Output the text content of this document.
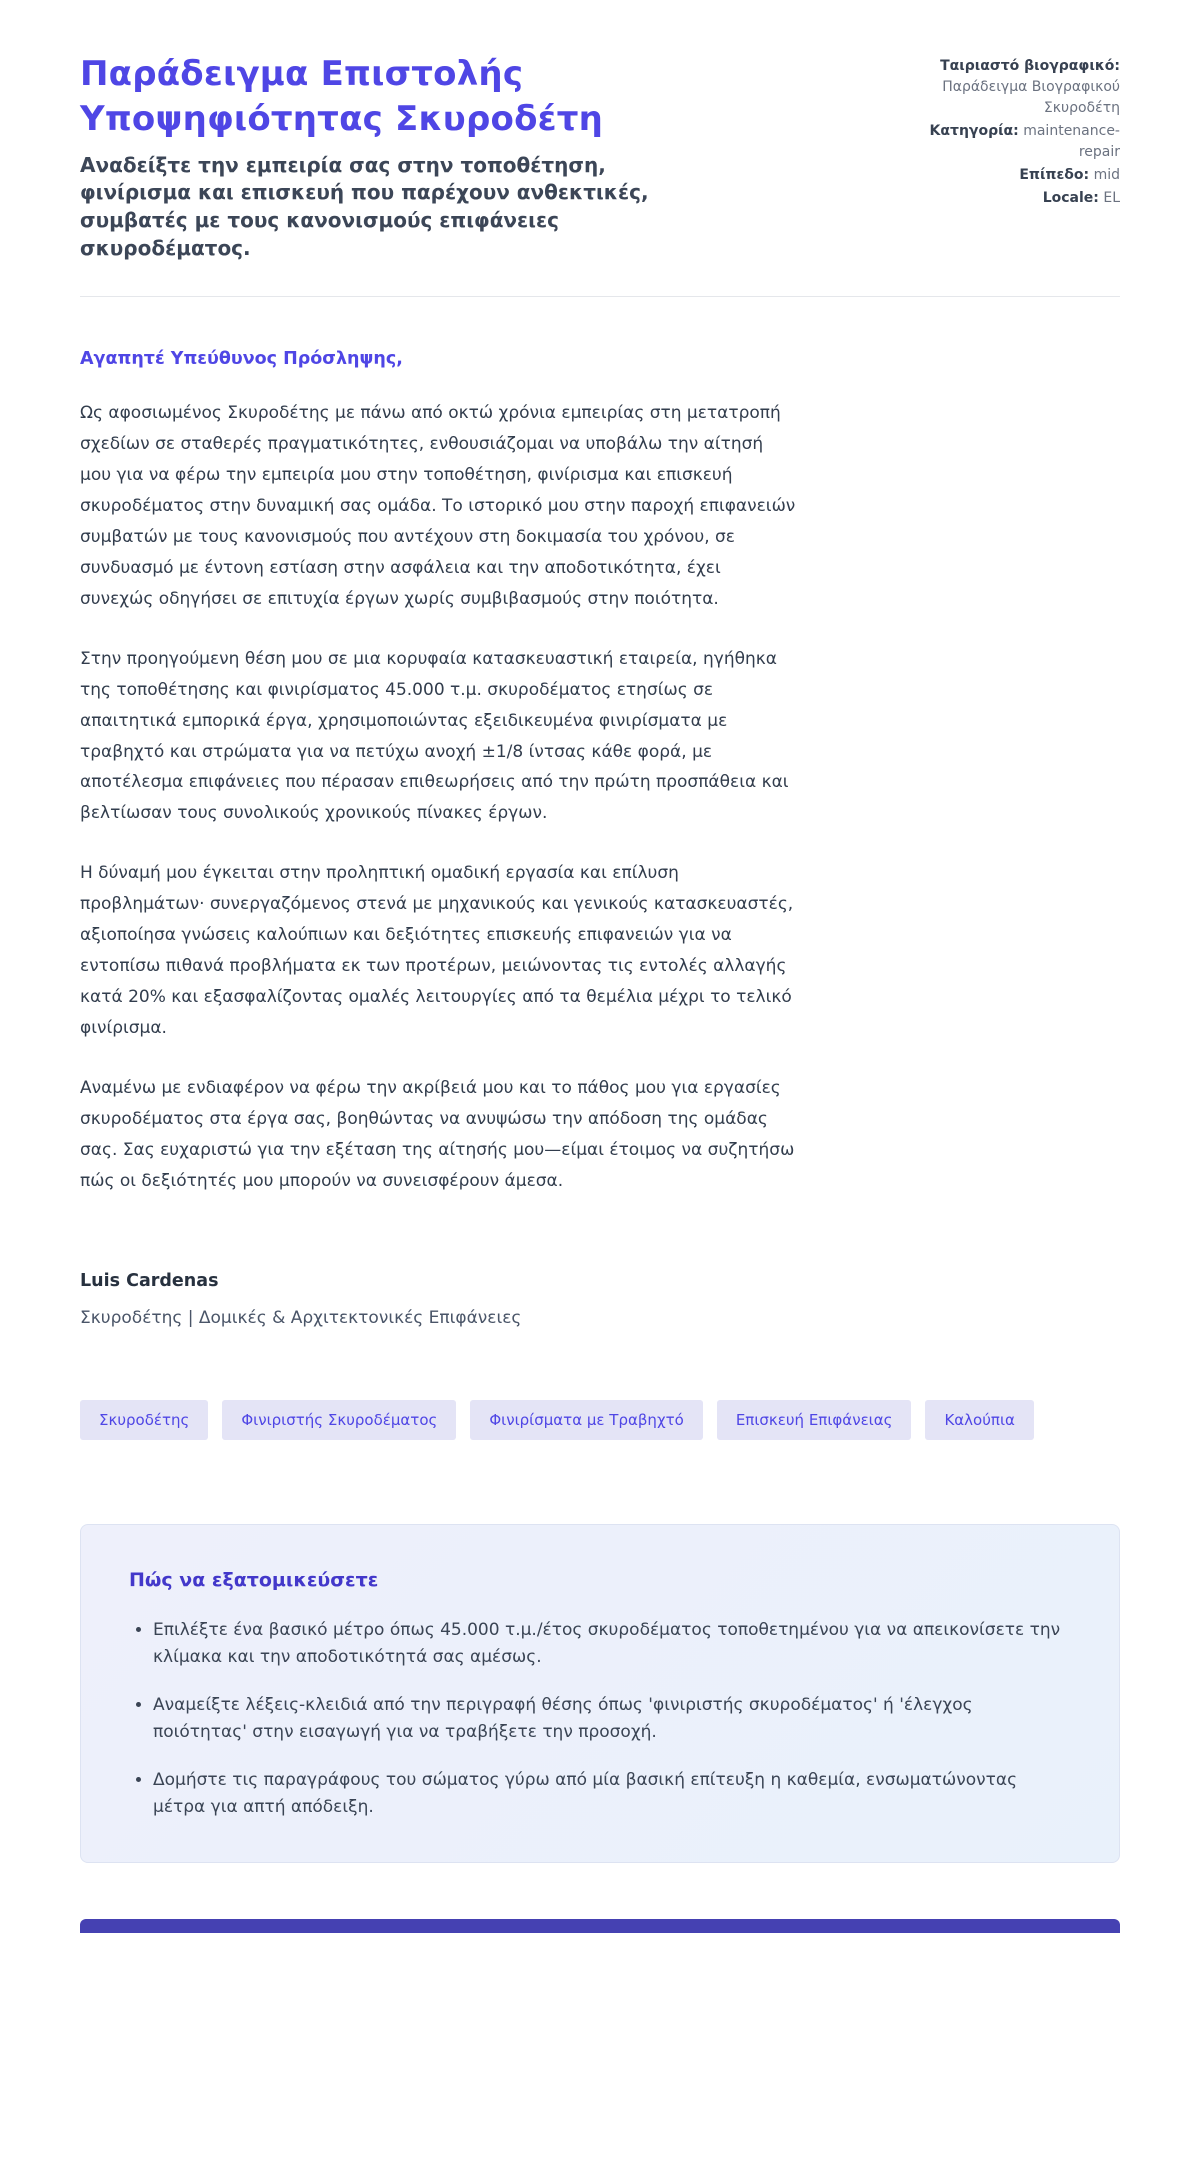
Παράδειγμα Επιστολής Υποψηφιότητας Σκυροδέτη

Αναδείξτε την εμπειρία σας στην τοποθέτηση, φινίρισμα και επισκευή που παρέχουν ανθεκτικές, συμβατές με τους κανονισμούς επιφάνειες σκυροδέματος.

Ταιριαστό βιογραφικό: Παράδειγμα Βιογραφικού Σκυροδέτη
Κατηγορία: maintenance-repair
Επίπεδο: mid
Locale: EL

Αγαπητέ Υπεύθυνος Πρόσληψης,

Ως αφοσιωμένος Σκυροδέτης με πάνω από οκτώ χρόνια εμπειρίας στη μετατροπή σχεδίων σε σταθερές πραγματικότητες, ενθουσιάζομαι να υποβάλω την αίτησή μου για να φέρω την εμπειρία μου στην τοποθέτηση, φινίρισμα και επισκευή σκυροδέματος στην δυναμική σας ομάδα. Το ιστορικό μου στην παροχή επιφανειών συμβατών με τους κανονισμούς που αντέχουν στη δοκιμασία του χρόνου, σε συνδυασμό με έντονη εστίαση στην ασφάλεια και την αποδοτικότητα, έχει συνεχώς οδηγήσει σε επιτυχία έργων χωρίς συμβιβασμούς στην ποιότητα.

Στην προηγούμενη θέση μου σε μια κορυφαία κατασκευαστική εταιρεία, ηγήθηκα της τοποθέτησης και φινιρίσματος 45.000 τ.μ. σκυροδέματος ετησίως σε απαιτητικά εμπορικά έργα, χρησιμοποιώντας εξειδικευμένα φινιρίσματα με τραβηχτό και στρώματα για να πετύχω ανοχή ±1/8 ίντσας κάθε φορά, με αποτέλεσμα επιφάνειες που πέρασαν επιθεωρήσεις από την πρώτη προσπάθεια και βελτίωσαν τους συνολικούς χρονικούς πίνακες έργων.

Η δύναμή μου έγκειται στην προληπτική ομαδική εργασία και επίλυση προβλημάτων· συνεργαζόμενος στενά με μηχανικούς και γενικούς κατασκευαστές, αξιοποίησα γνώσεις καλούπιων και δεξιότητες επισκευής επιφανειών για να εντοπίσω πιθανά προβλήματα εκ των προτέρων, μειώνοντας τις εντολές αλλαγής κατά 20% και εξασφαλίζοντας ομαλές λειτουργίες από τα θεμέλια μέχρι το τελικό φινίρισμα.

Αναμένω με ενδιαφέρον να φέρω την ακρίβειά μου και το πάθος μου για εργασίες σκυροδέματος στα έργα σας, βοηθώντας να ανυψώσω την απόδοση της ομάδας σας. Σας ευχαριστώ για την εξέταση της αίτησής μου—είμαι έτοιμος να συζητήσω πώς οι δεξιότητές μου μπορούν να συνεισφέρουν άμεσα.

Luis Cardenas

Σκυροδέτης | Δομικές & Αρχιτεκτονικές Επιφάνειες

Σκυροδέτης	Φινιριστής Σκυροδέματος	Φινιρίσματα με Τραβηχτό	Επισκευή Επιφάνειας	Καλούπια
Πώς να εξατομικεύσετε
• Επιλέξτε ένα βασικό μέτρο όπως 45.000 τ.μ./έτος σκυροδέματος τοποθετημένου για να απεικονίσετε την κλίμακα και την αποδοτικότητά σας αμέσως.
• Αναμείξτε λέξεις-κλειδιά από την περιγραφή θέσης όπως 'φινιριστής σκυροδέματος' ή 'έλεγχος ποιότητας' στην εισαγωγή για να τραβήξετε την προσοχή.
• Δομήστε τις παραγράφους του σώματος γύρω από μία βασική επίτευξη η καθεμία, ενσωματώνοντας μέτρα για απτή απόδειξη.
